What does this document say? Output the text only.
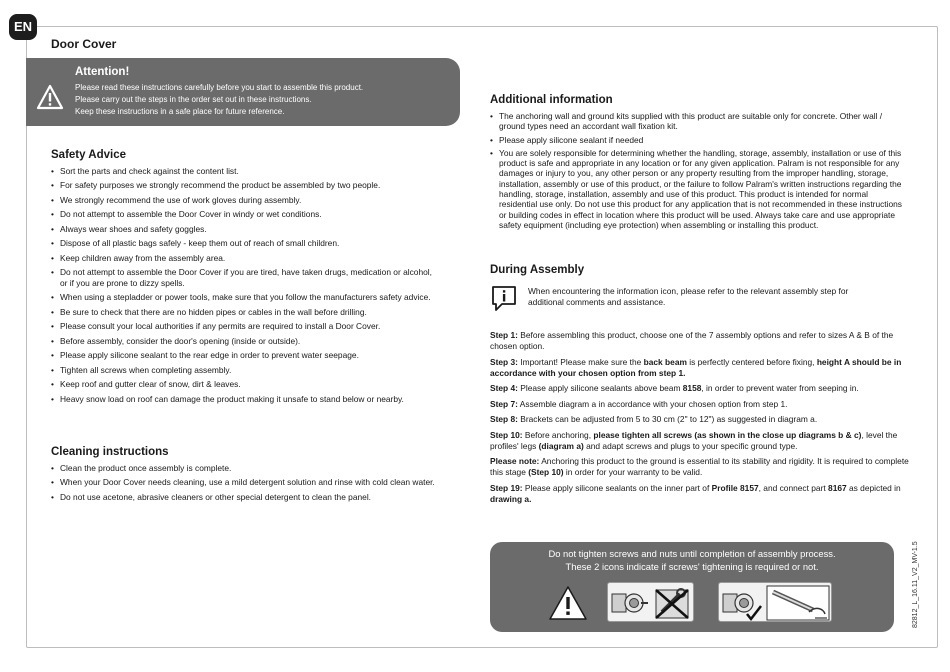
EN
Door Cover
Attention!
Please read these instructions carefully before you start to assemble this product.
Please carry out the steps in the order set out in these instructions.
Keep these instructions in a safe place for future reference.
Safety Advice
• Sort the parts and check against the content list.
• For safety purposes we strongly recommend the product be assembled by two people.
• We strongly recommend the use of work gloves during assembly.
• Do not attempt to assemble the Door Cover in windy or wet conditions.
• Always wear shoes and safety goggles.
• Dispose of all plastic bags safely - keep them out of reach of small children.
• Keep children away from the assembly area.
• Do not attempt to assemble the Door Cover if you are tired, have taken drugs, medication or alcohol, or if you are prone to dizzy spells.
• When using a stepladder or power tools, make sure that you follow the manufacturers safety advice.
• Be sure to check that there are no hidden pipes or cables in the wall before drilling.
• Please consult your local authorities if any permits are required to install a Door Cover.
• Before assembly, consider the door's opening (inside or outside).
• Please apply silicone sealant to the rear edge in order to prevent water seepage.
• Tighten all screws when completing assembly.
• Keep roof and gutter clear of snow, dirt & leaves.
• Heavy snow load on roof can damage the product making it unsafe to stand below or nearby.
Cleaning instructions
• Clean the product once assembly is complete.
• When your Door Cover needs cleaning, use a mild detergent solution and rinse with cold clean water.
• Do not use acetone, abrasive cleaners or other special detergent to clean the panel.
Additional information
• The anchoring wall and ground kits supplied with this product are suitable only for concrete. Other wall / ground types need an accordant wall fixation kit.
• Please apply silicone sealant if needed
• You are solely responsible for determining whether the handling, storage, assembly, installation or use of this product is safe and appropriate in any location or for any given application. Palram is not responsible for any damages or injury to you, any other person or any property resulting from the improper handling, storage, installation, assembly or use of this product, or the failure to follow Palram's written instructions regarding the handling, storage, installation, assembly and use of this product. This product is intended for normal residential use only. Do not use this product for any application that is not recommended in these instructions or building codes in effect in location where this product will be used. Always take care and use appropriate safety equipment (including eye protection) when assembling or installing this product.
During Assembly
When encountering the information icon, please refer to the relevant assembly step for additional comments and assistance.

Step 1: Before assembling this product, choose one of the 7 assembly options and refer to sizes A & B of the chosen option.

Step 3: Important! Please make sure the back beam is perfectly centered before fixing, height A should be in accordance with your chosen option from step 1.

Step 4: Please apply silicone sealants above beam 8158, in order to prevent water from seeping in.

Step 7: Assemble diagram a in accordance with your chosen option from step 1.

Step 8: Brackets can be adjusted from 5 to 30 cm (2" to 12") as suggested in diagram a.

Step 10: Before anchoring, please tighten all screws (as shown in the close up diagrams b & c), level the profiles' legs (diagram a) and adapt screws and plugs to your specific ground type.

Please note: Anchoring this product to the ground is essential to its stability and rigidity. It is required to complete this stage (Step 10) in order for your warranty to be valid.

Step 19: Please apply silicone sealants on the inner part of Profile 8157, and connect part 8167 as depicted in drawing a.

Do not tighten screws and nuts until completion of assembly process.
These 2 icons indicate if screws' tightening is required or not.	82812_L_16.11_V2_MV-1.5
